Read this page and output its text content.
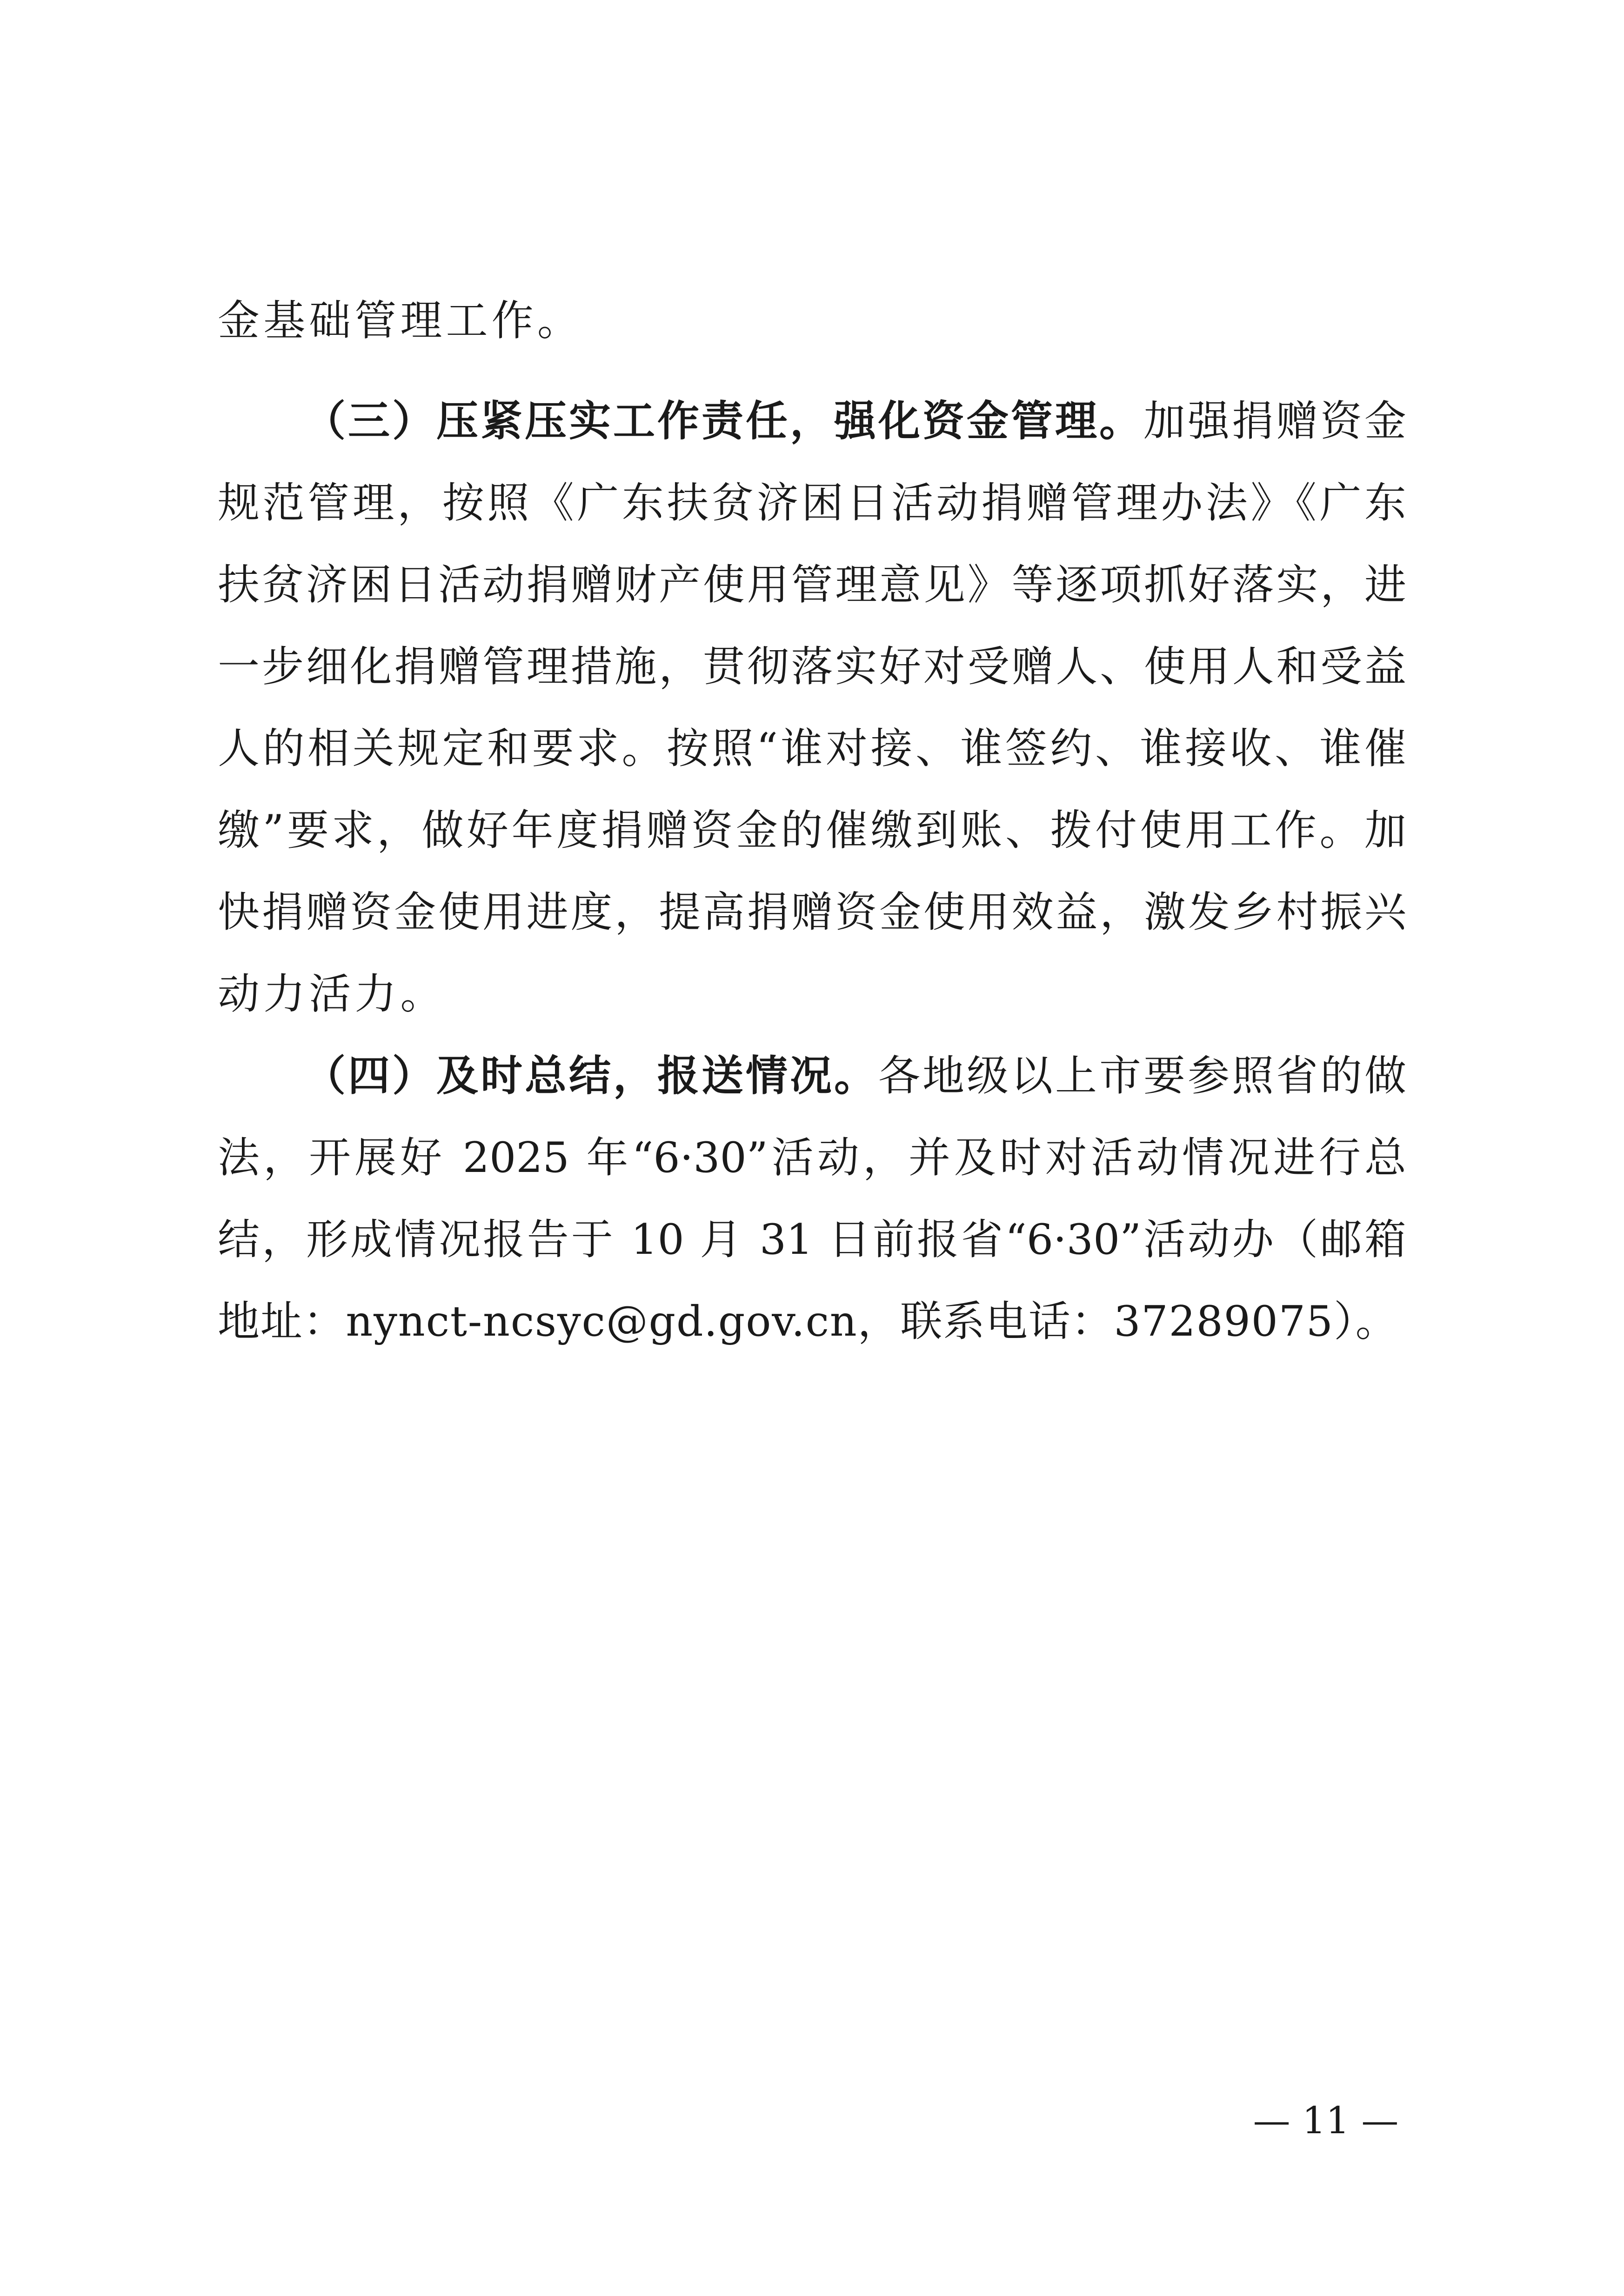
金基础管理工作。
（三）压紧压实工作责任，强化资金管理。加强捐赠资金
规范管理，按照《广东扶贫济困日活动捐赠管理办法》《广东
扶贫济困日活动捐赠财产使用管理意见》等逐项抓好落实，进
一步细化捐赠管理措施，贯彻落实好对受赠人、使用人和受益
人的相关规定和要求。按照“谁对接、谁签约、谁接收、谁催
缴”要求，做好年度捐赠资金的催缴到账、拨付使用工作。加
快捐赠资金使用进度，提高捐赠资金使用效益，激发乡村振兴
动力活力。
（四）及时总结，报送情况。各地级以上市要参照省的做
法，开展好 2025 年“6·30”活动，并及时对活动情况进行总
结，形成情况报告于 10 月 31 日前报省“6·30”活动办（邮箱
地址：nynct-ncsyc@gd.gov.cn，联系电话：37289075）。
— 11 —
